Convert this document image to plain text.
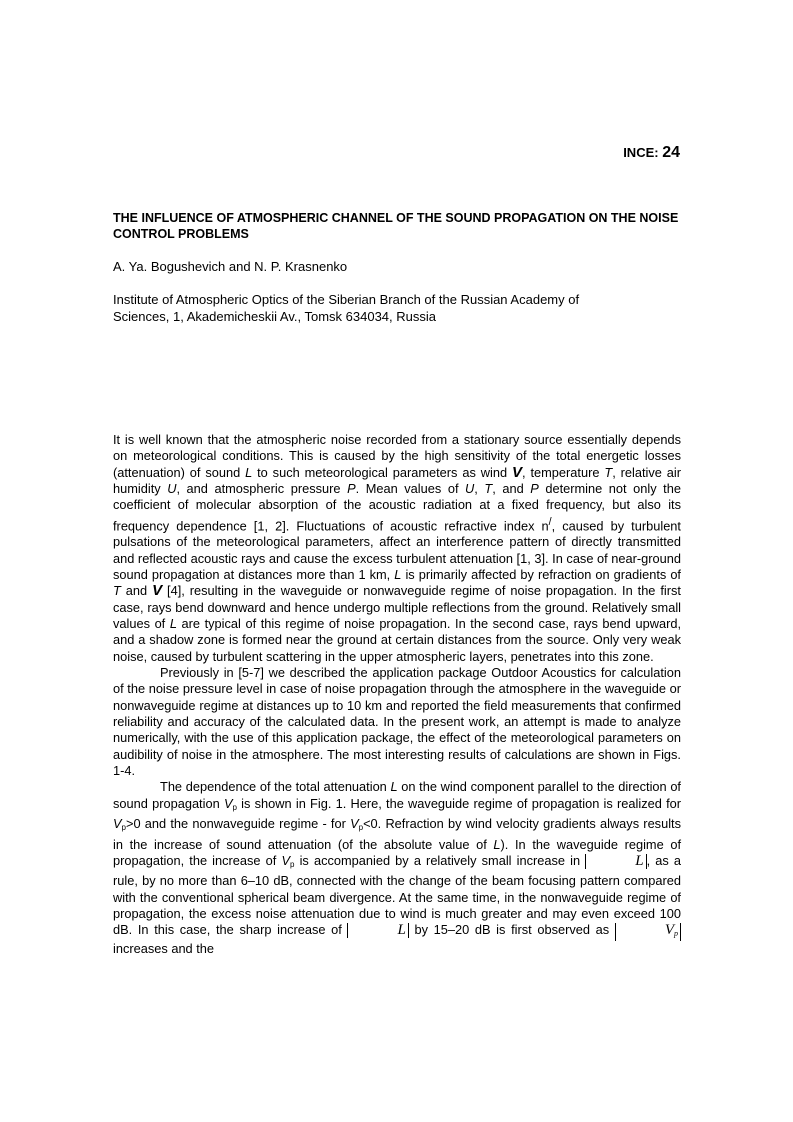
INCE: 24
THE INFLUENCE OF ATMOSPHERIC CHANNEL OF THE SOUND PROPAGATION ON THE NOISE CONTROL PROBLEMS
A. Ya. Bogushevich and N. P. Krasnenko
Institute of Atmospheric Optics of the Siberian Branch of the Russian Academy of
Sciences, 1, Akademicheskii Av., Tomsk 634034, Russia

It is well known that the atmospheric noise recorded from a stationary source essentially depends on meteorological conditions. This is caused by the high sensitivity of the total energetic losses (attenuation) of sound L to such meteorological parameters as wind V, temperature T, relative air humidity U, and atmospheric pressure P. Mean values of U, T, and P determine not only the coefficient of molecular absorption of the acoustic radiation at a fixed frequency, but also its frequency dependence [1, 2]. Fluctuations of acoustic refractive index n/, caused by turbulent pulsations of the meteorological parameters, affect an interference pattern of directly transmitted and reflected acoustic rays and cause the excess turbulent attenuation [1, 3]. In case of near-ground sound propagation at distances more than 1 km, L is primarily affected by refraction on gradients of T and V [4], resulting in the waveguide or nonwaveguide regime of noise propagation. In the first case, rays bend downward and hence undergo multiple reflections from the ground. Relatively small values of L are typical of this regime of noise propagation. In the second case, rays bend upward, and a shadow zone is formed near the ground at certain distances from the source. Only very weak noise, caused by turbulent scattering in the upper atmospheric layers, penetrates into this zone.

Previously in [5-7] we described the application package Outdoor Acoustics for calculation of the noise pressure level in case of noise propagation through the atmosphere in the waveguide or nonwaveguide regime at distances up to 10 km and reported the field measurements that confirmed reliability and accuracy of the calculated data. In the present work, an attempt is made to analyze numerically, with the use of this application package, the effect of the meteorological parameters on audibility of noise in the atmosphere. The most interesting results of calculations are shown in Figs. 1-4.

The dependence of the total attenuation L on the wind component parallel to the direction of sound propagation $V_p$ is shown in Fig. 1. Here, the waveguide regime of propagation is realized for $V_p>0$ and the nonwaveguide regime - for $V_p<0$. Refraction by wind velocity gradients always results in the increase of sound attenuation (of the absolute value of L). In the waveguide regime of propagation, the increase of $V_p$ is accompanied by a relatively small increase in	L , as a rule, by no more than 6–10 dB, connected with the change of the beam focusing pattern compared with the conventional spherical beam divergence. At the same time, in the nonwaveguide regime of propagation, the excess noise attenuation due to wind is much greater and may even exceed 100 dB. In this case, the sharp increase of	L by 15–20 dB is first observed as	$V_p$ increases and the
